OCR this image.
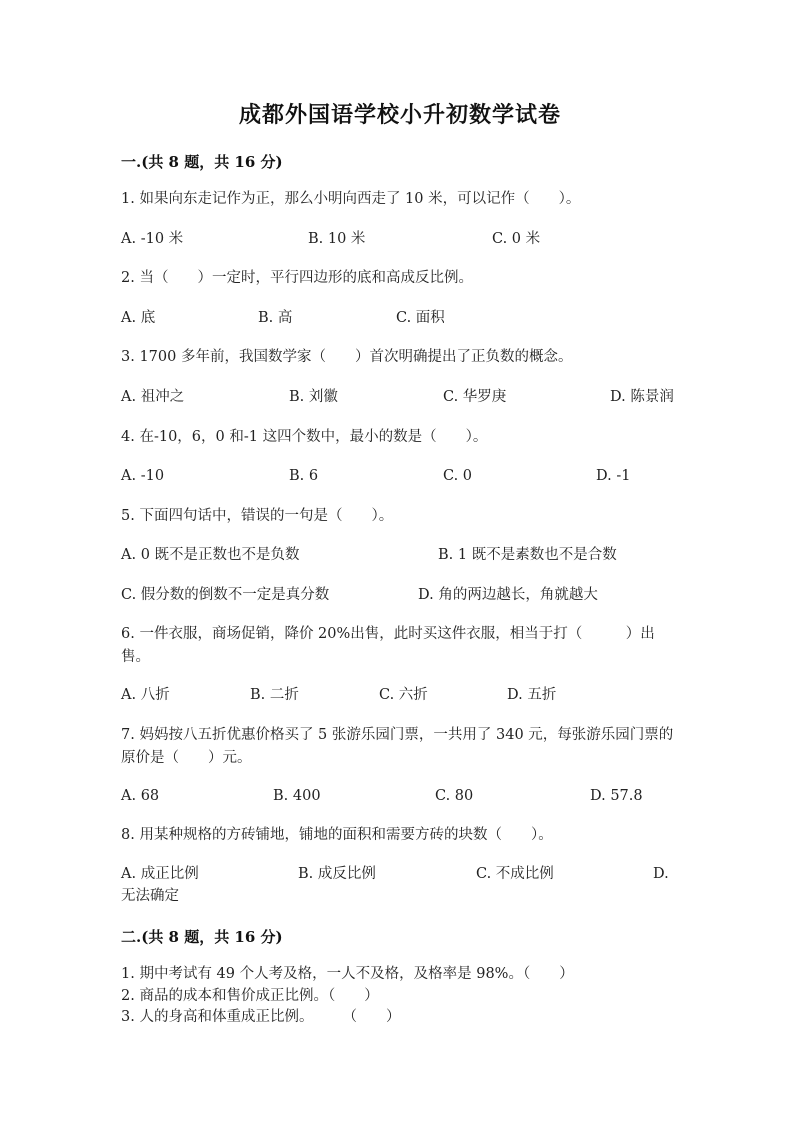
成都外国语学校小升初数学试卷
一.(共 8 题，共 16 分)
1. 如果向东走记作为正，那么小明向西走了 10 米，可以记作（　　）。
A. -10 米	B. 10 米	C. 0 米
2. 当（　　）一定时，平行四边形的底和高成反比例。
A. 底	B. 高	C. 面积
3. 1700 多年前，我国数学家（　　）首次明确提出了正负数的概念。
A. 祖冲之	B. 刘徽	C. 华罗庚	D. 陈景润
4. 在-10，6，0 和-1 这四个数中，最小的数是（　　）。
A. -10	B. 6	C. 0	D. -1
5. 下面四句话中，错误的一句是（　　）。
A. 0 既不是正数也不是负数	B. 1 既不是素数也不是合数
C. 假分数的倒数不一定是真分数	D. 角的两边越长，角就越大
6. 一件衣服，商场促销，降价 20%出售，此时买这件衣服，相当于打（　　　）出售。
A. 八折	B. 二折	C. 六折	D. 五折
7. 妈妈按八五折优惠价格买了 5 张游乐园门票，一共用了 340 元，每张游乐园门票的原价是（　　）元。
A. 68	B. 400	C. 80	D. 57.8
8. 用某种规格的方砖铺地，铺地的面积和需要方砖的块数（　　）。
A. 成正比例	B. 成反比例	C. 不成比例	D. 无法确定
二.(共 8 题，共 16 分)
1. 期中考试有 49 个人考及格，一人不及格，及格率是 98%。（　　）
2. 商品的成本和售价成正比例。（　　）
3. 人的身高和体重成正比例。　　　（　　）
